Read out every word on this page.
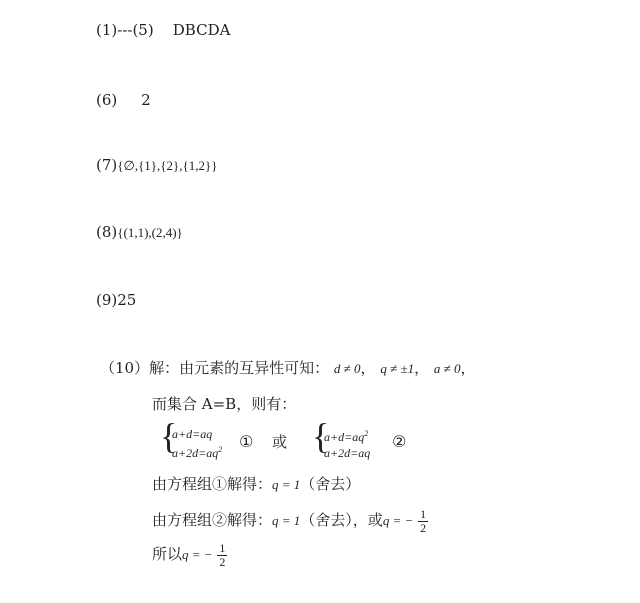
(1)---(5) DBCDA
(6) 2
(7){∅,{1},{2},{1,2}}
(8){(1,1),(2,4)}
(9)25
（10）解：由元素的互异性可知： d ≠ 0， q ≠ ±1， a ≠ 0，
而集合 A=B，则有：
{
a+d=aq
$a+2d=aq^2$ ① 或 {
$a+d=aq^2$
a+2d=aq
②
由方程组①解得：q = 1（舍去）
由方程组②解得：q = 1（舍去），或q = − $\frac{1}{2}$
所以q = − $\frac{1}{2}$
